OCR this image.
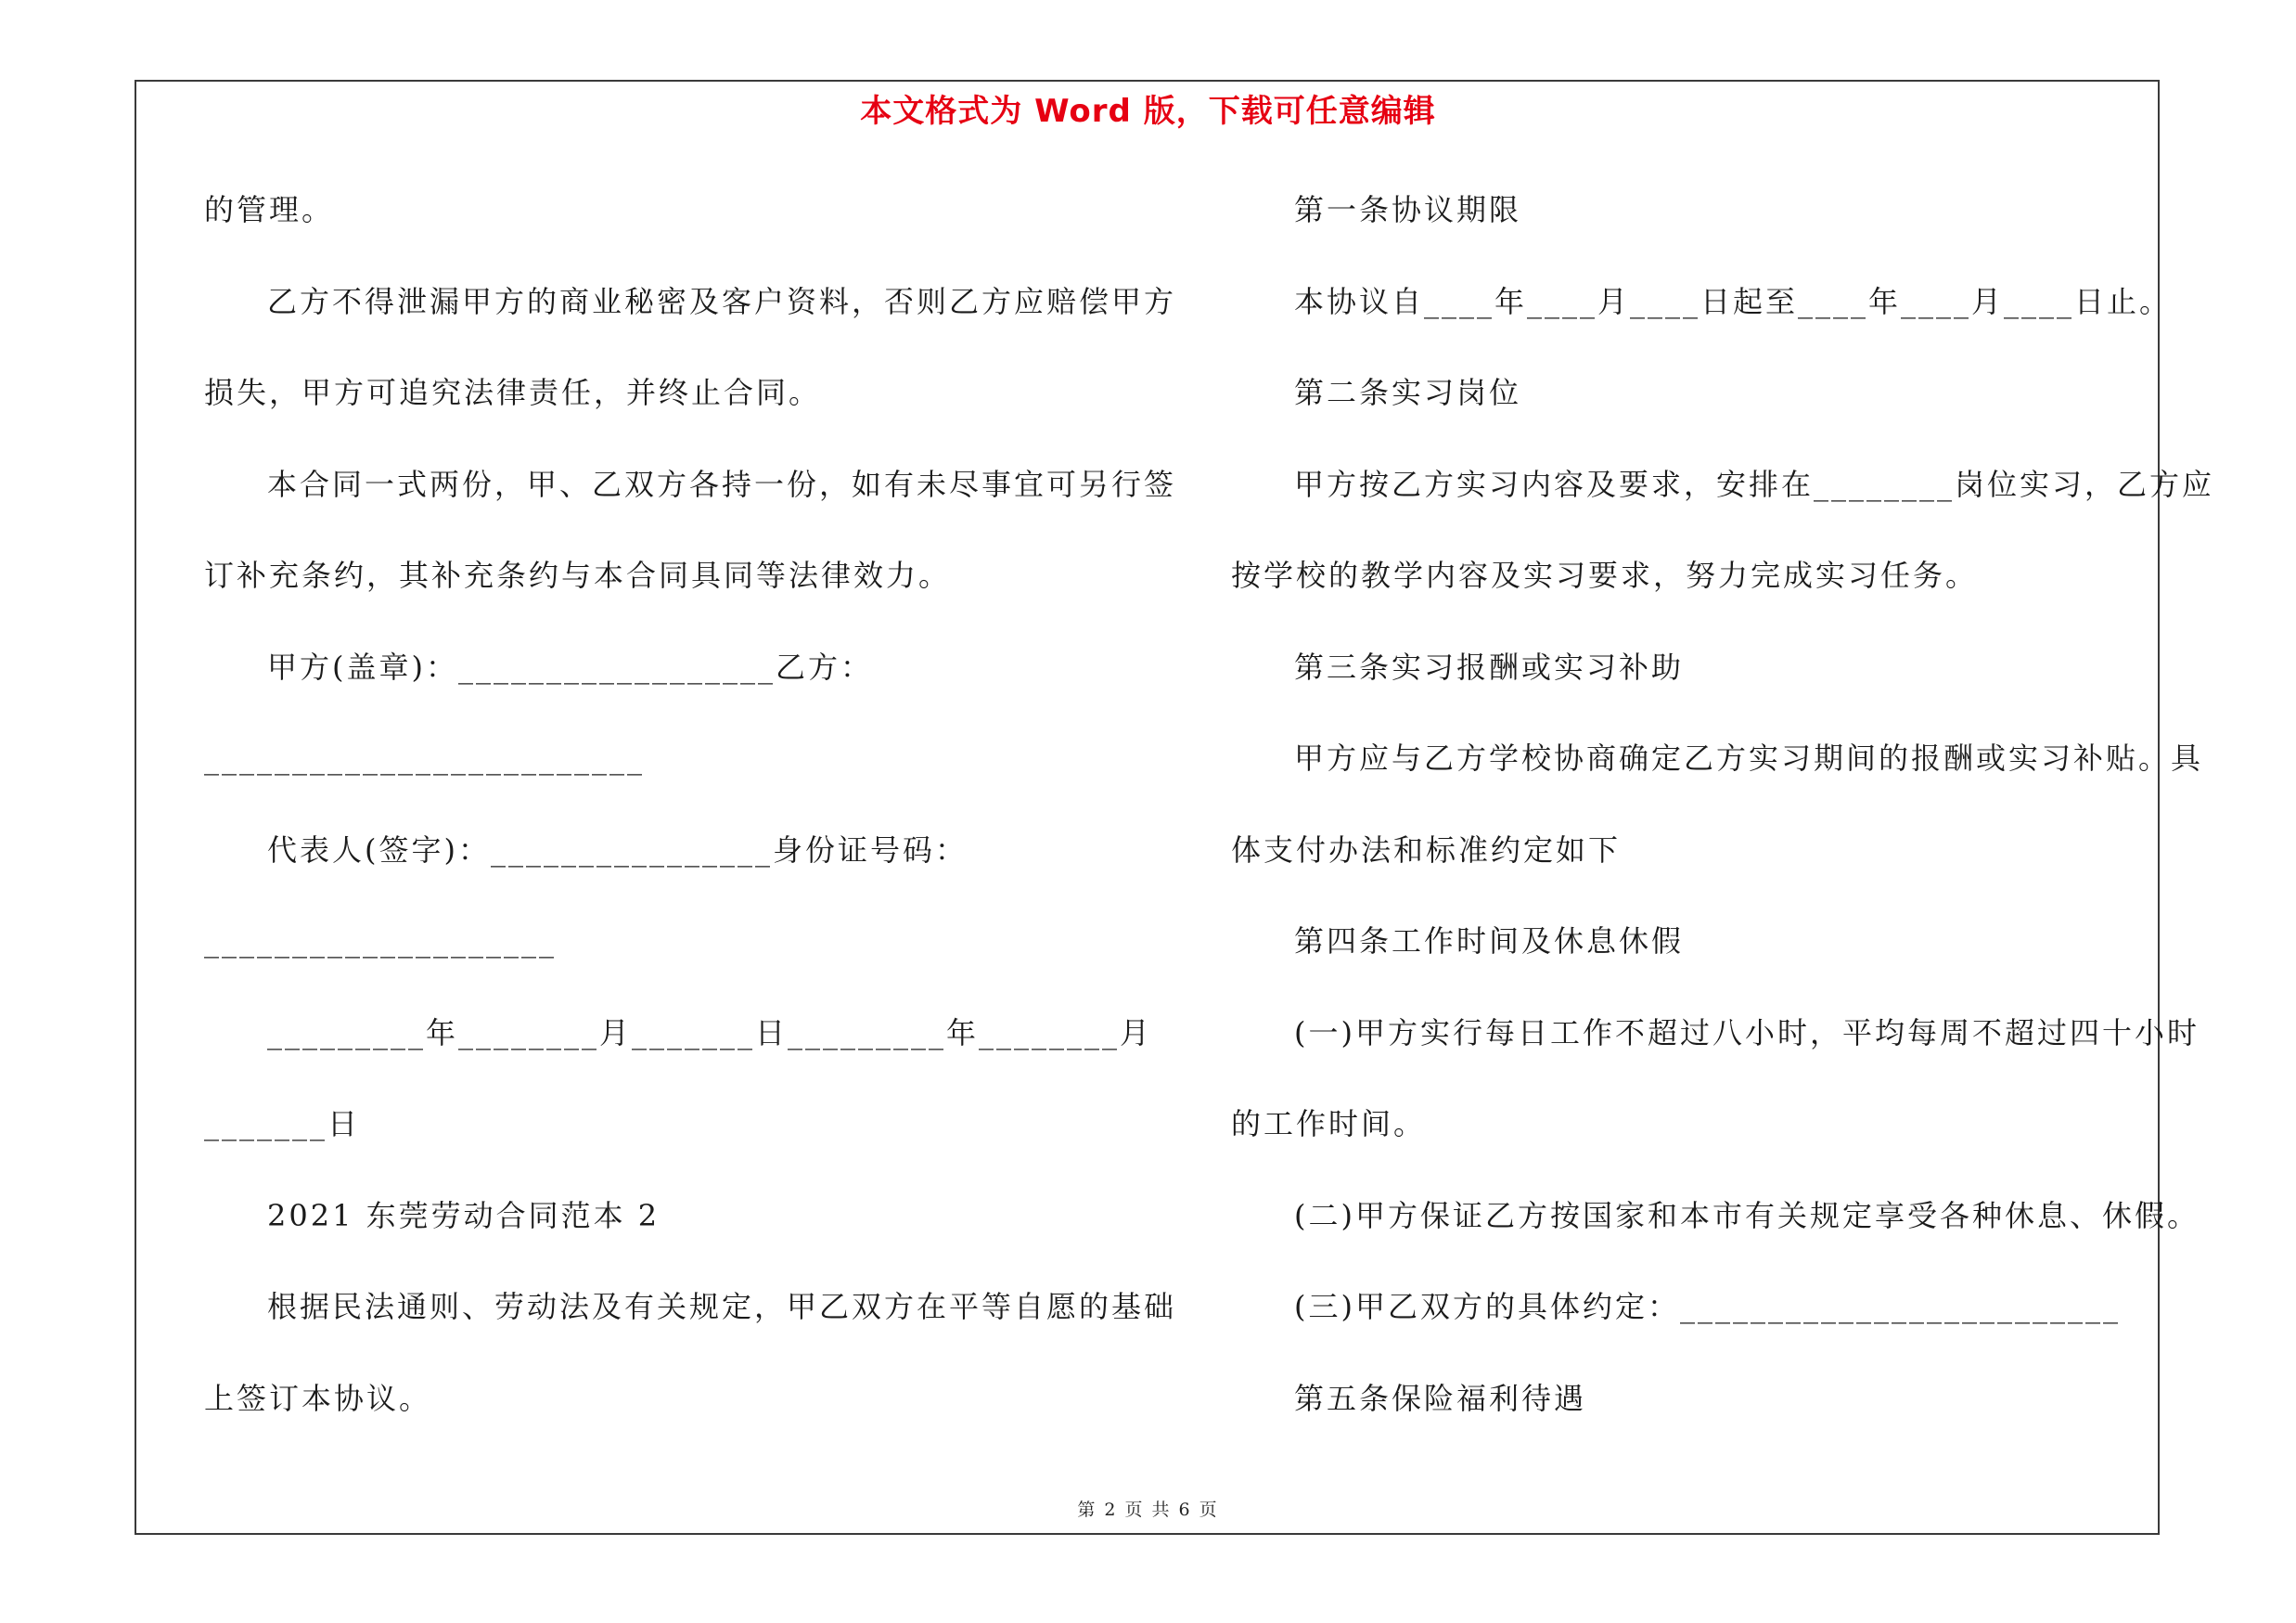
本文格式为 Word 版，下载可任意编辑
的管理。
乙方不得泄漏甲方的商业秘密及客户资料，否则乙方应赔偿甲方
损失，甲方可追究法律责任，并终止合同。
本合同一式两份，甲、乙双方各持一份，如有未尽事宜可另行签
订补充条约，其补充条约与本合同具同等法律效力。
甲方(盖章)：__________________乙方：
_________________________
代表人(签字)：________________身份证号码：
____________________
_________年________月_______日_________年________月
_______日
2021 东莞劳动合同范本 2
根据民法通则、劳动法及有关规定，甲乙双方在平等自愿的基础
上签订本协议。
第一条协议期限
本协议自____年____月____日起至____年____月____日止。
第二条实习岗位
甲方按乙方实习内容及要求，安排在________岗位实习，乙方应
按学校的教学内容及实习要求，努力完成实习任务。
第三条实习报酬或实习补助
甲方应与乙方学校协商确定乙方实习期间的报酬或实习补贴。具
体支付办法和标准约定如下
第四条工作时间及休息休假
(一)甲方实行每日工作不超过八小时，平均每周不超过四十小时
的工作时间。
(二)甲方保证乙方按国家和本市有关规定享受各种休息、休假。
(三)甲乙双方的具体约定：_________________________
第五条保险福利待遇
第 2 页 共 6 页
